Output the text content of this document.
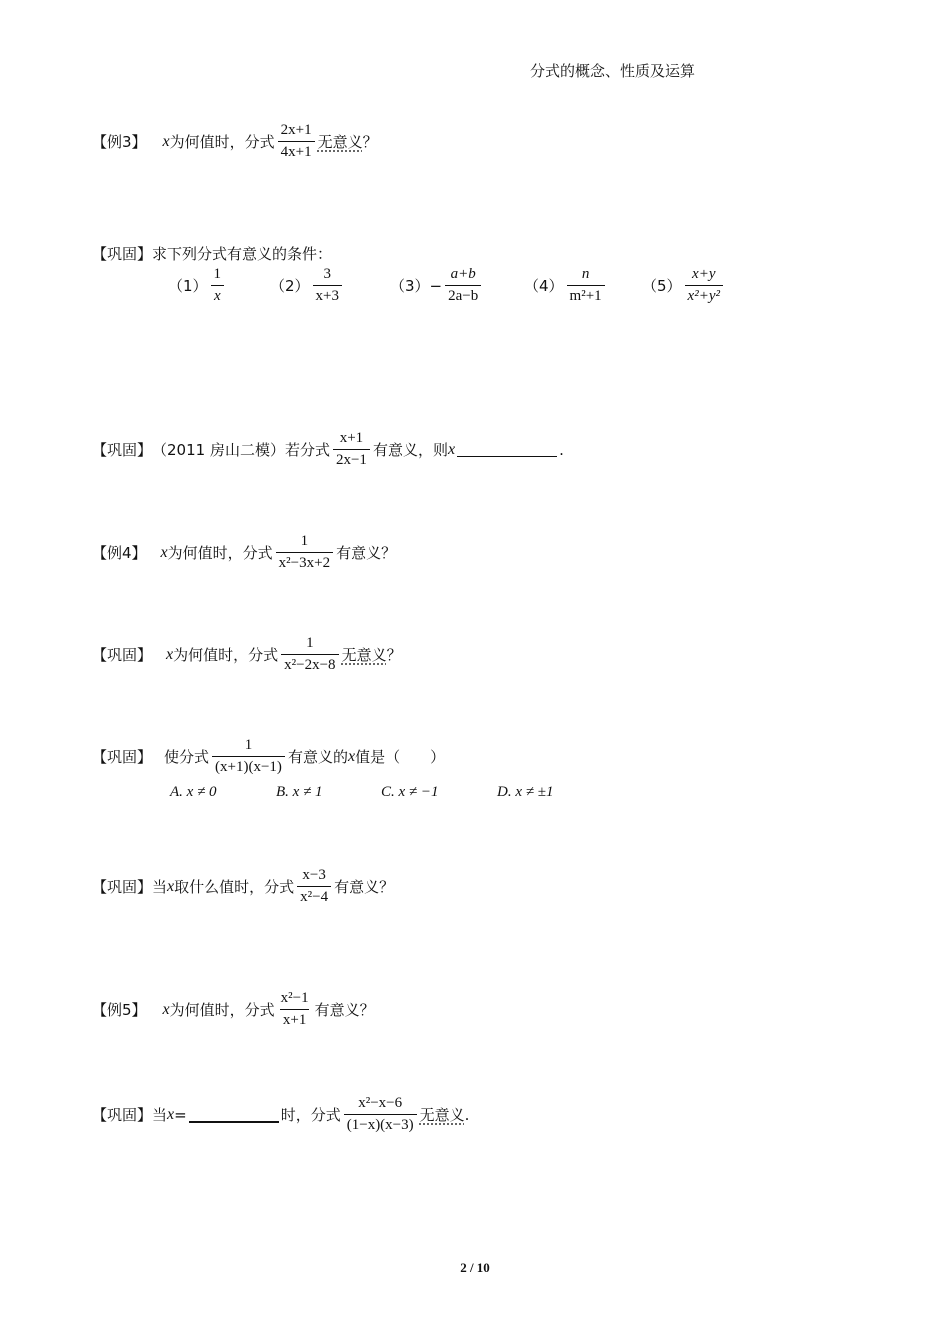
分式的概念、性质及运算
【例3】 x 为何值时，分式 $\frac{2x+1}{4x+1}$ 无意义 ？
【巩固】 求下列分式有意义的条件：
$(1) \frac{1}{x}$	$(2) \frac{3}{x+3}$	$(3) - \frac{a+b}{2a-b}$	$(4) \frac{n}{\text{m²+1}} (5) \frac{x+y}{\text{x²+y²}}$
【巩固】 （2011 房山二模）若分式 $\frac{x+1}{2x-1}$ 有意义，则 x	.
【例4】 x 为何值时，分式 $\frac{1}{\text{x²−3x+2}}$ 有意义？
【巩固】 x 为何值时，分式 $\frac{1}{\text{x²−2x−8}}$ 无意义 ？
【巩固】 使分式 $\frac{1}{(x+1)(x-1)}$ 有意义的 x 值是（　　）
A. x ≠ 0	B. x ≠ 1	C. x ≠ −1	D. x ≠ ±1
【巩固】 当 x 取什么值时，分式 $\frac{x-3}{\text{x²−4}}$ 有意义？
【例5】 x 为何值时，分式 $\frac{\text{x²−1}}{x+1}$ 有意义？
【巩固】 当 x =	时，分式 $\frac{\text{x²−x−6}}{(1-x)(x-3)}$ 无意义 .
2 / 10
